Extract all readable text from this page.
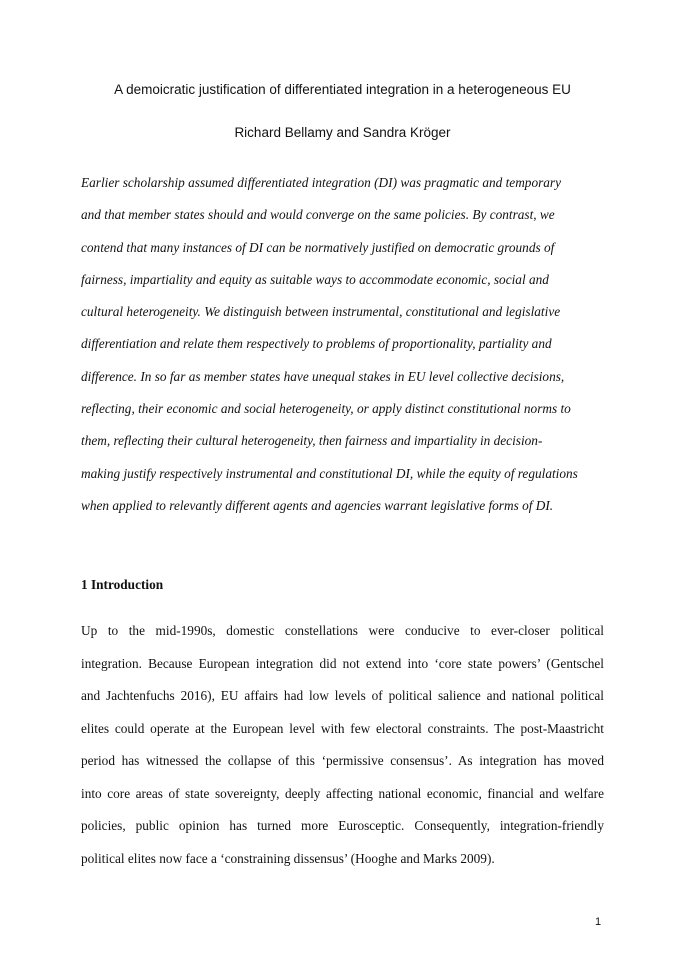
A demoicratic justification of differentiated integration in a heterogeneous EU
Richard Bellamy and Sandra Kröger
Earlier scholarship assumed differentiated integration (DI) was pragmatic and temporary
and that member states should and would converge on the same policies. By contrast, we
contend that many instances of DI can be normatively justified on democratic grounds of
fairness, impartiality and equity as suitable ways to accommodate economic, social and
cultural heterogeneity. We distinguish between instrumental, constitutional and legislative
differentiation and relate them respectively to problems of proportionality, partiality and
difference. In so far as member states have unequal stakes in EU level collective decisions,
reflecting, their economic and social heterogeneity, or apply distinct constitutional norms to
them, reflecting their cultural heterogeneity, then fairness and impartiality in decision-
making justify respectively instrumental and constitutional DI, while the equity of regulations
when applied to relevantly different agents and agencies warrant legislative forms of DI.
1 Introduction
Up to the mid-1990s, domestic constellations were conducive to ever-closer political
integration. Because European integration did not extend into ‘core state powers’ (Gentschel
and Jachtenfuchs 2016), EU affairs had low levels of political salience and national political
elites could operate at the European level with few electoral constraints. The post-Maastricht
period has witnessed the collapse of this ‘permissive consensus’. As integration has moved
into core areas of state sovereignty, deeply affecting national economic, financial and welfare
policies, public opinion has turned more Eurosceptic. Consequently, integration-friendly
political elites now face a ‘constraining dissensus’ (Hooghe and Marks 2009).
1
